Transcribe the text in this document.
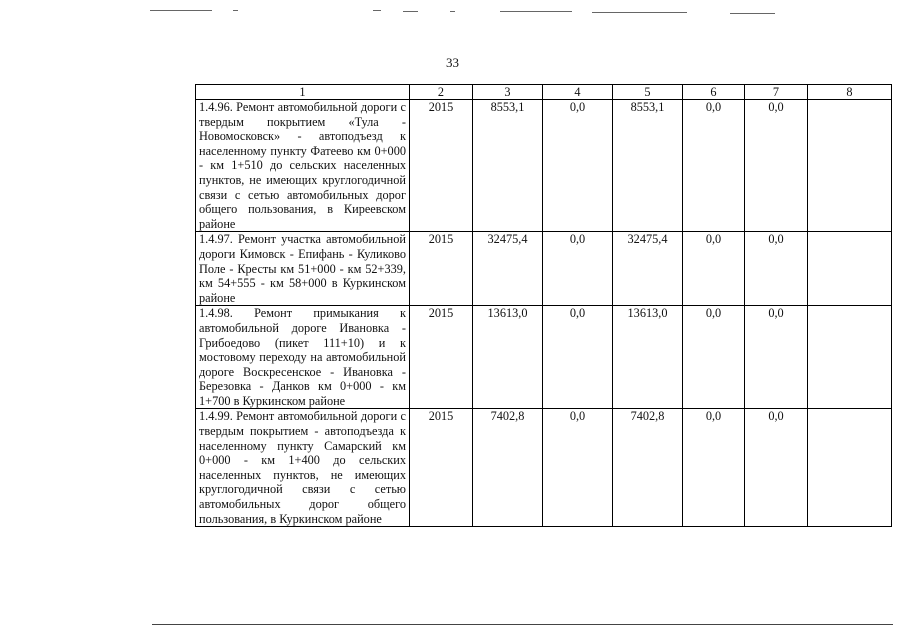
33
1	2	3	4	5	6	7	8
1.4.96. Ремонт автомобильной дороги с твердым покрытием «Тула - Новомосковск» - автоподъезд к населенному пункту Фатеево км 0+000 - км 1+510 до сельских населенных пунктов, не имеющих круглогодичной связи с сетью автомобильных дорог общего пользования, в Киреевском районе	2015	8553,1	0,0	8553,1	0,0	0,0	
1.4.97. Ремонт участка автомобильной дороги Кимовск - Епифань - Куликово Поле - Кресты км 51+000 - км 52+339, км 54+555 - км 58+000 в Куркинском районе	2015	32475,4	0,0	32475,4	0,0	0,0	
1.4.98. Ремонт примыкания к автомобильной дороге Ивановка - Грибоедово (пикет 111+10) и к мостовому переходу на автомобильной дороге Воскресенское - Ивановка - Березовка - Данков км 0+000 - км 1+700 в Куркинском районе	2015	13613,0	0,0	13613,0	0,0	0,0	
1.4.99. Ремонт автомобильной дороги с твердым покрытием - автоподъезда к населенному пункту Самарский км 0+000 - км 1+400 до сельских населенных пунктов, не имеющих круглогодичной связи с сетью автомобильных дорог общего пользования, в Куркинском районе	2015	7402,8	0,0	7402,8	0,0	0,0	
